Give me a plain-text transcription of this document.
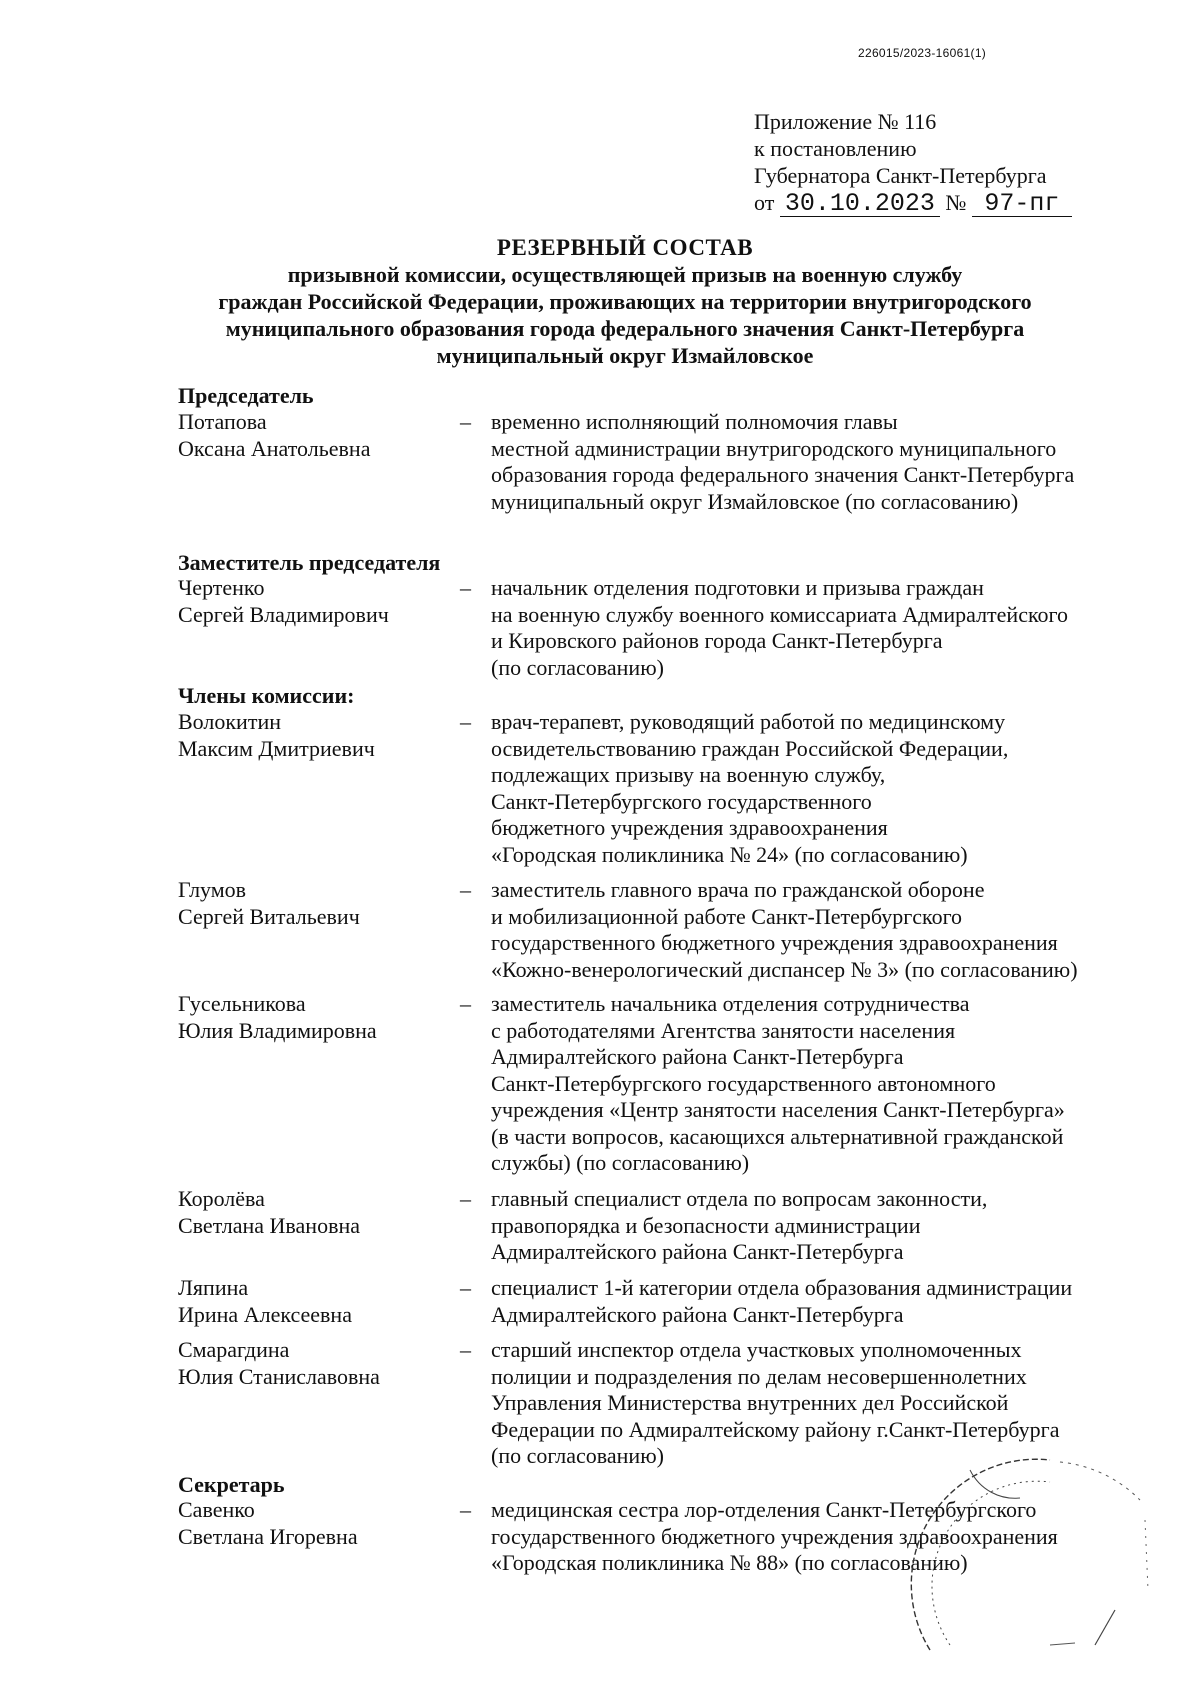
226015/2023-16061(1)
Приложение № 116
к постановлению
Губернатора Санкт-Петербурга
от 30.10.2023 № 97-пг
РЕЗЕРВНЫЙ СОСТАВ
призывной комиссии, осуществляющей призыв на военную службу
граждан Российской Федерации, проживающих на территории внутригородского
муниципального образования города федерального значения Санкт-Петербурга
муниципальный округ Измайловское
Председатель
Потапова
Оксана Анатольевна
– временно исполняющий полномочия главы
местной администрации внутригородского муниципального
образования города федерального значения Санкт-Петербурга
муниципальный округ Измайловское (по согласованию)
Заместитель председателя
Чертенко
Сергей Владимирович
– начальник отделения подготовки и призыва граждан
на военную службу военного комиссариата Адмиралтейского
и Кировского районов города Санкт-Петербурга
(по согласованию)
Члены комиссии:
Волокитин
Максим Дмитриевич
– врач-терапевт, руководящий работой по медицинскому
освидетельствованию граждан Российской Федерации,
подлежащих призыву на военную службу,
Санкт-Петербургского государственного
бюджетного учреждения здравоохранения
«Городская поликлиника № 24» (по согласованию)
Глумов
Сергей Витальевич
– заместитель главного врача по гражданской обороне
и мобилизационной работе Санкт-Петербургского
государственного бюджетного учреждения здравоохранения
«Кожно-венерологический диспансер № 3» (по согласованию)
Гусельникова
Юлия Владимировна
– заместитель начальника отделения сотрудничества
с работодателями Агентства занятости населения
Адмиралтейского района Санкт-Петербурга
Санкт-Петербургского государственного автономного
учреждения «Центр занятости населения Санкт-Петербурга»
(в части вопросов, касающихся альтернативной гражданской
службы) (по согласованию)
Королёва
Светлана Ивановна
– главный специалист отдела по вопросам законности,
правопорядка и безопасности администрации
Адмиралтейского района Санкт-Петербурга
Ляпина
Ирина Алексеевна
– специалист 1-й категории отдела образования администрации
Адмиралтейского района Санкт-Петербурга
Смарагдина
Юлия Станиславовна
– старший инспектор отдела участковых уполномоченных
полиции и подразделения по делам несовершеннолетних
Управления Министерства внутренних дел Российской
Федерации по Адмиралтейскому району г.Санкт-Петербурга
(по согласованию)
Секретарь
Савенко
Светлана Игоревна
– медицинская сестра лор-отделения Санкт-Петербургского
государственного бюджетного учреждения здравоохранения
«Городская поликлиника № 88» (по согласованию)
